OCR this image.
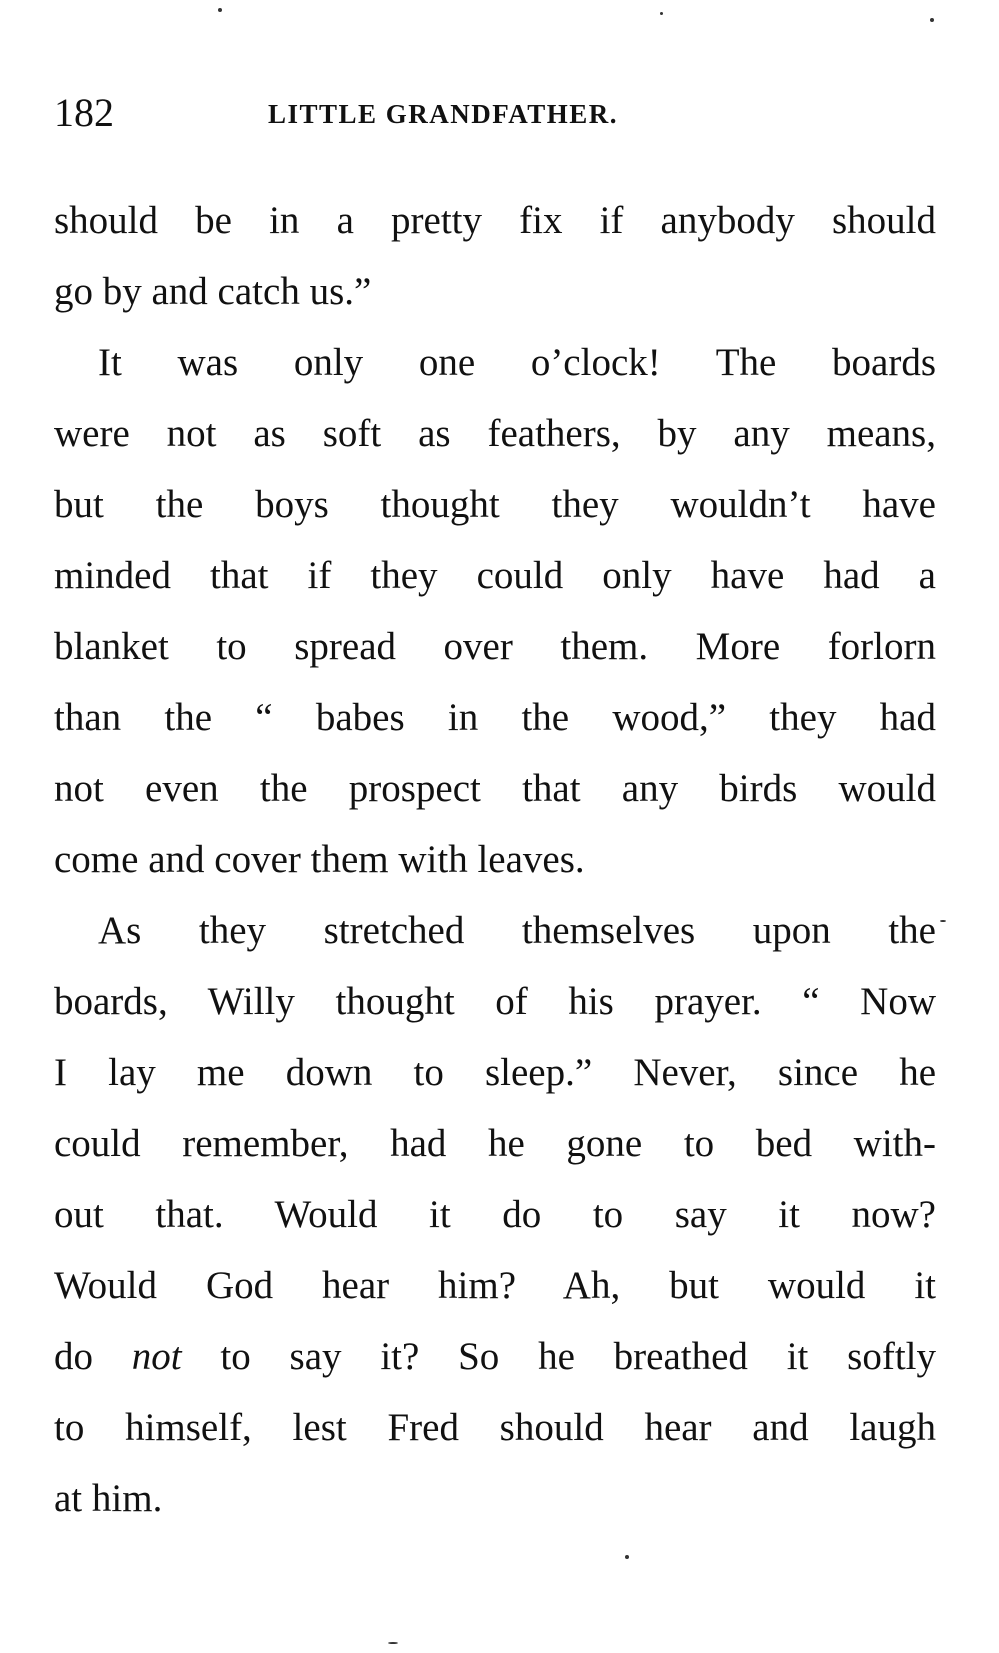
182	LITTLE GRANDFATHER.
should be in a pretty fix if anybody should
go by and catch us.”
It was only one o’clock! The boards
were not as soft as feathers, by any means,
but the boys thought they wouldn’t have
minded that if they could only have had a
blanket to spread over them. More forlorn
than the “ babes in the wood,” they had
not even the prospect that any birds would
come and cover them with leaves.
As they stretched themselves upon the
boards, Willy thought of his prayer. “ Now
I lay me down to sleep.” Never, since he
could remember, had he gone to bed with-
out that. Would it do to say it now?
Would God hear him? Ah, but would it
do not to say it? So he breathed it softly
to himself, lest Fred should hear and laugh
at him.
